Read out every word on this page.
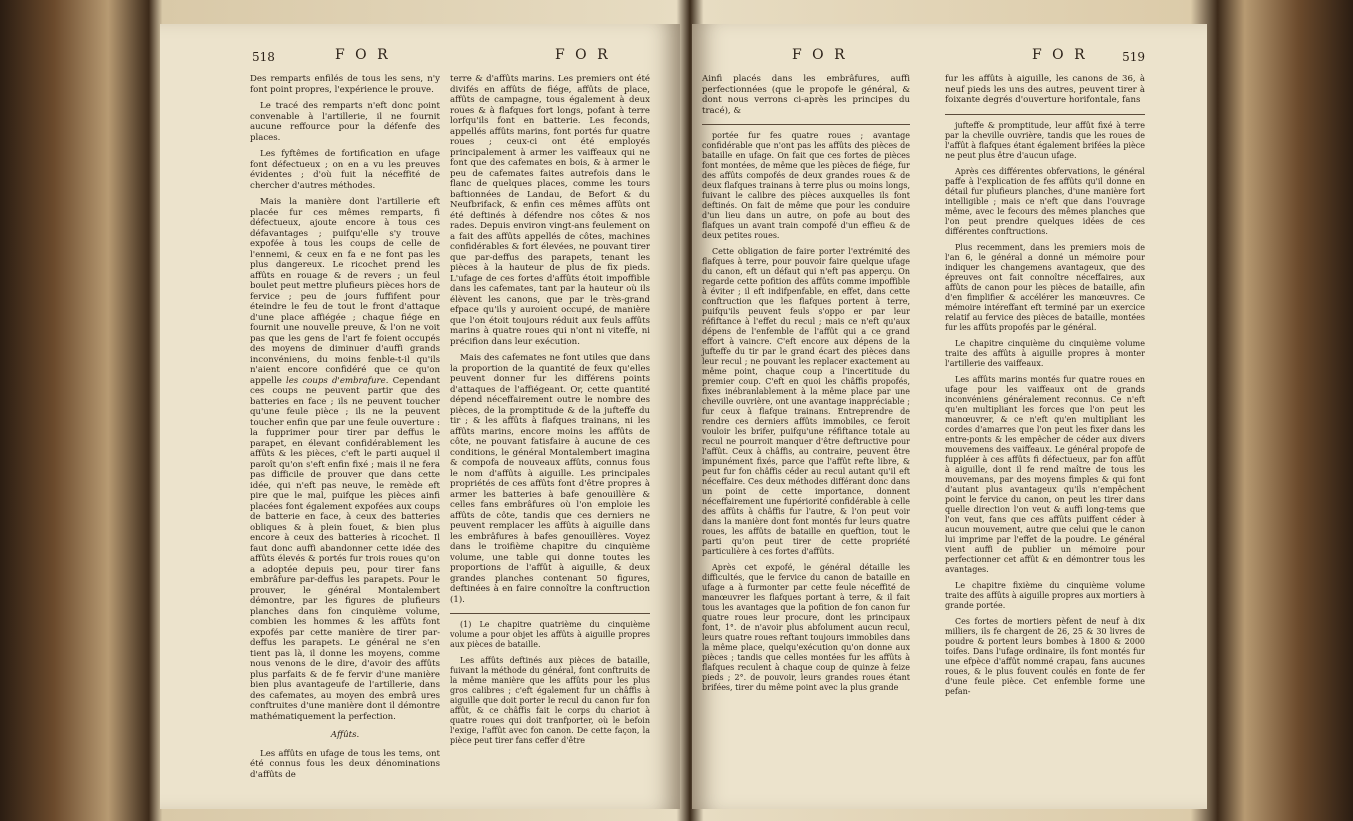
518	F O R	F O R

Des remparts enfilés de tous les sens, n'y font point propres, l'expérience le prouve.

Le tracé des remparts n'eft donc point convenable à l'artillerie, il ne fournit aucune reffource pour la défenfe des places.

Les fyftêmes de fortification en ufage font défectueux ; on en a vu les preuves évidentes ; d'où fuit la néceffité de chercher d'autres méthodes.

Mais la manière dont l'artillerie eft placée fur ces mêmes remparts, fi défectueux, ajoute encore à tous ces défavantages ; puifqu'elle s'y trouve expofée à tous les coups de celle de l'ennemi, & ceux en fa e ne font pas les plus dangereux. Le ricochet prend les affûts en rouage & de revers ; un feul boulet peut mettre plufieurs pièces hors de fervice ; peu de jours fuffifent pour éteindre le feu de tout le front d'attaque d'une place affiégée ; chaque fiége en fournit une nouvelle preuve, & l'on ne voit pas que les gens de l'art fe foient occupés des moyens de diminuer d'auffi grands inconvéniens, du moins fenble-t-il qu'ils n'aient encore confidéré que ce qu'on appelle les coups d'embrafure. Cependant ces coups ne peuvent partir que des batteries en face ; ils ne peuvent toucher qu'une feule pièce ; ils ne la peuvent toucher enfin que par une feule ouverture : la fupprimer pour tirer par deffus le parapet, en élevant confidérablement les affûts & les pièces, c'eft le parti auquel il paroît qu'on s'eft enfin fixé ; mais il ne fera pas difficile de prouver que dans cette idée, qui n'eft pas neuve, le remède eft pire que le mal, puifque les pièces ainfi placées font également expofées aux coups de batterie en face, à ceux des batteries obliques & à plein fouet, & bien plus encore à ceux des batteries à ricochet. Il faut donc auffi abandonner cette idée des affûts élevés & portés fur trois roues qu'on a adoptée depuis peu, pour tirer fans embrâfure par-deffus les parapets. Pour le prouver, le général Montalembert démontre, par les figures de plufieurs planches dans fon cinquième volume, combien les hommes & les affûts font expofés par cette manière de tirer par-deffus les parapets. Le général ne s'en tient pas là, il donne les moyens, comme nous venons de le dire, d'avoir des affûts plus parfaits & de fe fervir d'une manière bien plus avantageufe de l'artillerie, dans des cafemates, au moyen des embrâ ures conftruites d'une manière dont il démontre mathématiquement la perfection.

Affûts.

Les affûts en ufage de tous les tems, ont été connus fous les deux dénominations d'affûts de

terre & d'affûts marins. Les premiers ont été divifés en affûts de fiége, affûts de place, affûts de campagne, tous également à deux roues & à flafques fort longs, pofant à terre lorfqu'ils font en batterie. Les feconds, appellés affûts marins, font portés fur quatre roues ; ceux-ci ont été employés principalement à armer les vaiffeaux qui ne font que des cafemates en bois, & à armer le peu de cafemates faites autrefois dans le flanc de quelques places, comme les tours baftionnées de Landau, de Befort & du Neufbrifack, & enfin ces mêmes affûts ont été deftinés à défendre nos côtes & nos rades. Depuis environ vingt-ans feulement on a fait des affûts appellés de côtes, machines confidérables & fort élevées, ne pouvant tirer que par-deffus des parapets, tenant les pièces à la hauteur de plus de fix pieds. L'ufage de ces fortes d'affûts étoit impoffible dans les cafemates, tant par la hauteur où ils élèvent les canons, que par le très-grand efpace qu'ils y auroient occupé, de manière que l'on étoit toujours réduit aux feuls affûts marins à quatre roues qui n'ont ni viteffe, ni précifion dans leur exécution.

Mais des cafemates ne font utiles que dans la proportion de la quantité de feux qu'elles peuvent donner fur les différens points d'attaques de l'affiégeant. Or, cette quantité dépend néceffairement outre le nombre des pièces, de la promptitude & de la jufteffe du tir ; & les affûts à flafques trainans, ni les affûts marins, encore moins les affûts de côte, ne pouvant fatisfaire à aucune de ces conditions, le général Montalembert imagina & compofa de nouveaux affûts, connus fous le nom d'affûts à aiguille. Les principales propriétés de ces affûts font d'être propres à armer les batteries à bafe genouillère & celles fans embrâfures où l'on emploie les affûts de côte, tandis que ces derniers ne peuvent remplacer les affûts à aiguille dans les embrâfures à bafes genouillères. Voyez dans le troifième chapitre du cinquième volume, une table qui donne toutes les proportions de l'affût à aiguille, & deux grandes planches contenant 50 figures, deftinées à en faire connoître la conftruction (1).

(1) Le chapitre quatrième du cinquième volume a pour objet les affûts à aiguille propres aux pièces de bataille.

Les affûts deftinés aux pièces de bataille, fuivant la méthode du général, font conftruits de la même manière que les affûts pour les plus gros calibres ; c'eft également fur un châffis à aiguille que doit porter le recul du canon fur fon affût, & ce châffis fait le corps du chariot à quatre roues qui doit tranfporter, où le befoin l'exige, l'affût avec fon canon. De cette façon, la pièce peut tirer fans ceffer d'être

F O R	F O R	519

Ainfi placés dans les embrâfures, auffi perfectionnées (que le propofe le général, & dont nous verrons ci-après les principes du tracé), &

portée fur fes quatre roues ; avantage confidérable que n'ont pas les affûts des pièces de bataille en ufage. On fait que ces fortes de pièces font montées, de même que les pièces de fiége, fur des affûts compofés de deux grandes roues & de deux flafques trainans à terre plus ou moins longs, fuivant le calibre des pièces auxquelles ils font deftinés. On fait de même que pour les conduire d'un lieu dans un autre, on pofe au bout des flafques un avant train compofé d'un effieu & de deux petites roues.

Cette obligation de faire porter l'extrémité des flafques à terre, pour pouvoir faire quelque ufage du canon, eft un défaut qui n'eft pas apperçu. On regarde cette pofition des affûts comme impoffible à éviter ; il eft indifpenfable, en effet, dans cette conftruction que les flafques portent à terre, puifqu'ils peuvent feuls s'oppo er par leur réfiftance à l'effet du recul ; mais ce n'eft qu'aux dépens de l'enfemble de l'affût qui a ce grand effort à vaincre. C'eft encore aux dépens de la jufteffe du tir par le grand écart des pièces dans leur recul ; ne pouvant les replacer exactement au même point, chaque coup a l'incertitude du premier coup. C'eft en quoi les châffis propofés, fixes inébranlablement à la même place par une cheville ouvrière, ont une avantage inappréciable ; fur ceux à flafque trainans. Entreprendre de rendre ces derniers affûts immobiles, ce feroit vouloir les brifer, puifqu'une réfiftance totale au recul ne pourroit manquer d'être deftructive pour l'affût. Ceux à châffis, au contraire, peuvent être impunément fixés, parce que l'affût refte libre, & peut fur fon châffis céder au recul autant qu'il eft néceffaire. Ces deux méthodes différant donc dans un point de cette importance, donnent néceffairement une fupériorité confidérable à celle des affûts à châffis fur l'autre, & l'on peut voir dans la manière dont font montés fur leurs quatre roues, les affûts de bataille en queftion, tout le parti qu'on peut tirer de cette propriété particulière à ces fortes d'affûts.

Après cet expofé, le général détaille les difficultés, que le fervice du canon de bataille en ufage a à furmonter par cette feule néceffité de manœuvrer les flafques portant à terre, & il fait tous les avantages que la pofition de fon canon fur quatre roues leur procure, dont les principaux font, 1°. de n'avoir plus abfolument aucun recul, leurs quatre roues reftant toujours immobiles dans la même place, quelqu'exécution qu'on donne aux pièces ; tandis que celles montées fur les affûts à flafques reculent à chaque coup de quinze à feize pieds ; 2°. de pouvoir, leurs grandes roues étant brifées, tirer du même point avec la plus grande

fur les affûts à aiguille, les canons de 36, à neuf pieds les uns des autres, peuvent tirer à foixante degrés d'ouverture horifontale, fans

jufteffe & promptitude, leur affût fixé à terre par la cheville ouvrière, tandis que les roues de l'affût à flafques étant également brifées la pièce ne peut plus être d'aucun ufage.

Après ces différentes obfervations, le général paffe à l'explication de fes affûts qu'il donne en détail fur plufieurs planches, d'une manière fort intelligible ; mais ce n'eft que dans l'ouvrage même, avec le fecours des mêmes planches que l'on peut prendre quelques idées de ces différentes conftructions.

Plus recemment, dans les premiers mois de l'an 6, le général a donné un mémoire pour indiquer les changemens avantageux, que des épreuves ont fait connoître néceffaires, aux affûts de canon pour les pièces de bataille, afin d'en fimplifier & accélérer les manœuvres. Ce mémoire intéreffant eft terminé par un exercice relatif au fervice des pièces de bataille, montées fur les affûts propofés par le général.

Le chapitre cinquième du cinquième volume traite des affûts à aiguille propres à monter l'artillerie des vaiffeaux.

Les affûts marins montés fur quatre roues en ufage pour les vaiffeaux ont de grands inconvéniens généralement reconnus. Ce n'eft qu'en multipliant les forces que l'on peut les manœuvrer, & ce n'eft qu'en multipliant les cordes d'amarres que l'on peut les fixer dans les entre-ponts & les empêcher de céder aux divers mouvemens des vaiffeaux. Le général propofe de fuppléer à ces affûts fi défectueux, par fon affût à aiguille, dont il fe rend maître de tous les mouvemans, par des moyens fimples & qui font d'autant plus avantageux qu'ils n'empêchent point le fervice du canon, on peut les tirer dans quelle direction l'on veut & auffi long-tems que l'on veut, fans que ces affûts puiffent céder à aucun mouvement, autre que celui que le canon lui imprime par l'effet de la poudre. Le général vient auffi de publier un mémoire pour perfectionner cet affût & en démontrer tous les avantages.

Le chapitre fixième du cinquième volume traite des affûts à aiguille propres aux mortiers à grande portée.

Ces fortes de mortiers pèfent de neuf à dix milliers, ils fe chargent de 26, 25 & 30 livres de poudre & portent leurs bombes à 1800 & 2000 toifes. Dans l'ufage ordinaire, ils font montés fur une efpèce d'affût nommé crapau, fans aucunes roues, & le plus fouvent coulés en fonte de fer d'une feule pièce. Cet enfemble forme une pefan-
